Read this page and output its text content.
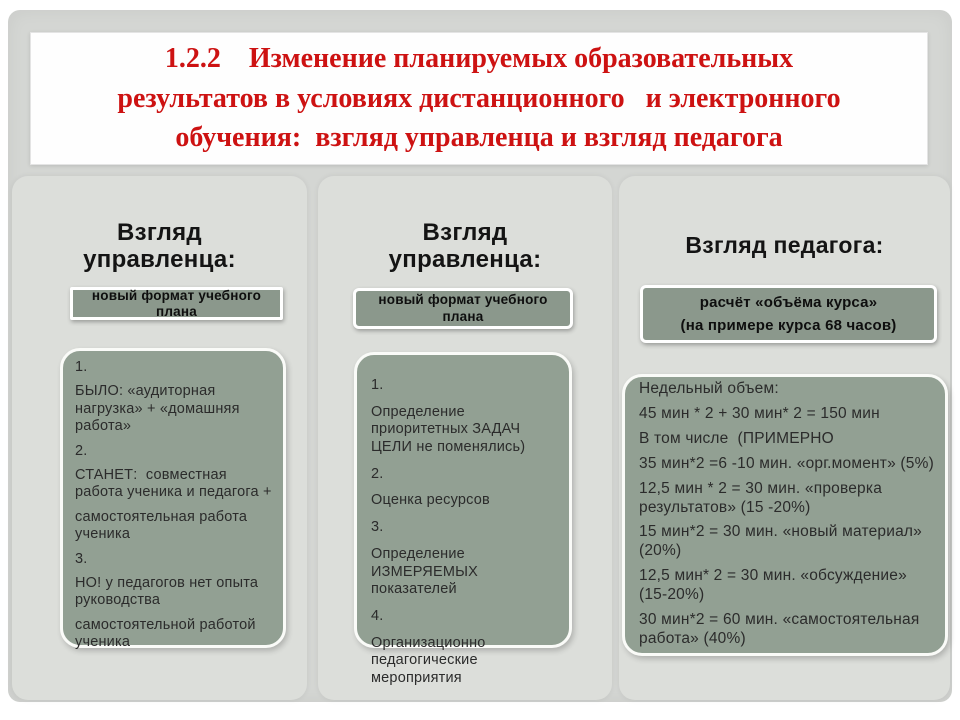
1.2.2    Изменение планируемых образовательных
результатов в условиях дистанционного   и электронного
обучения:  взгляд управленца и взгляд педагога
Взгляд управленца:
новый формат учебного плана

1.

БЫЛО: «аудиторная нагрузка» + «домашняя работа»

2.

СТАНЕТ:  совместная работа ученика и педагога +

самостоятельная работа ученика

3.

НО! у педагогов нет опыта руководства

самостоятельной работой ученика

Взгляд управленца:
новый формат учебного плана

1.

Определение приоритетных ЗАДАЧ ЦЕЛИ не поменялись)

2.

Оценка ресурсов

3.

Определение ИЗМЕРЯЕМЫХ показателей

4.

Организационно педагогические мероприятия

Взгляд педагога:
расчёт «объёма курса»
(на примере курса 68 часов)

Недельный объем:

45 мин * 2 + 30 мин* 2 = 150 мин

В том числе  (ПРИМЕРНО

35 мин*2 =6 -10 мин. «орг.момент» (5%)

12,5 мин * 2 = 30 мин. «проверка результатов» (15 -20%)

15 мин*2 = 30 мин. «новый материал» (20%)

12,5 мин* 2 = 30 мин. «обсуждение» (15-20%)

30 мин*2 = 60 мин. «самостоятельная работа» (40%)
